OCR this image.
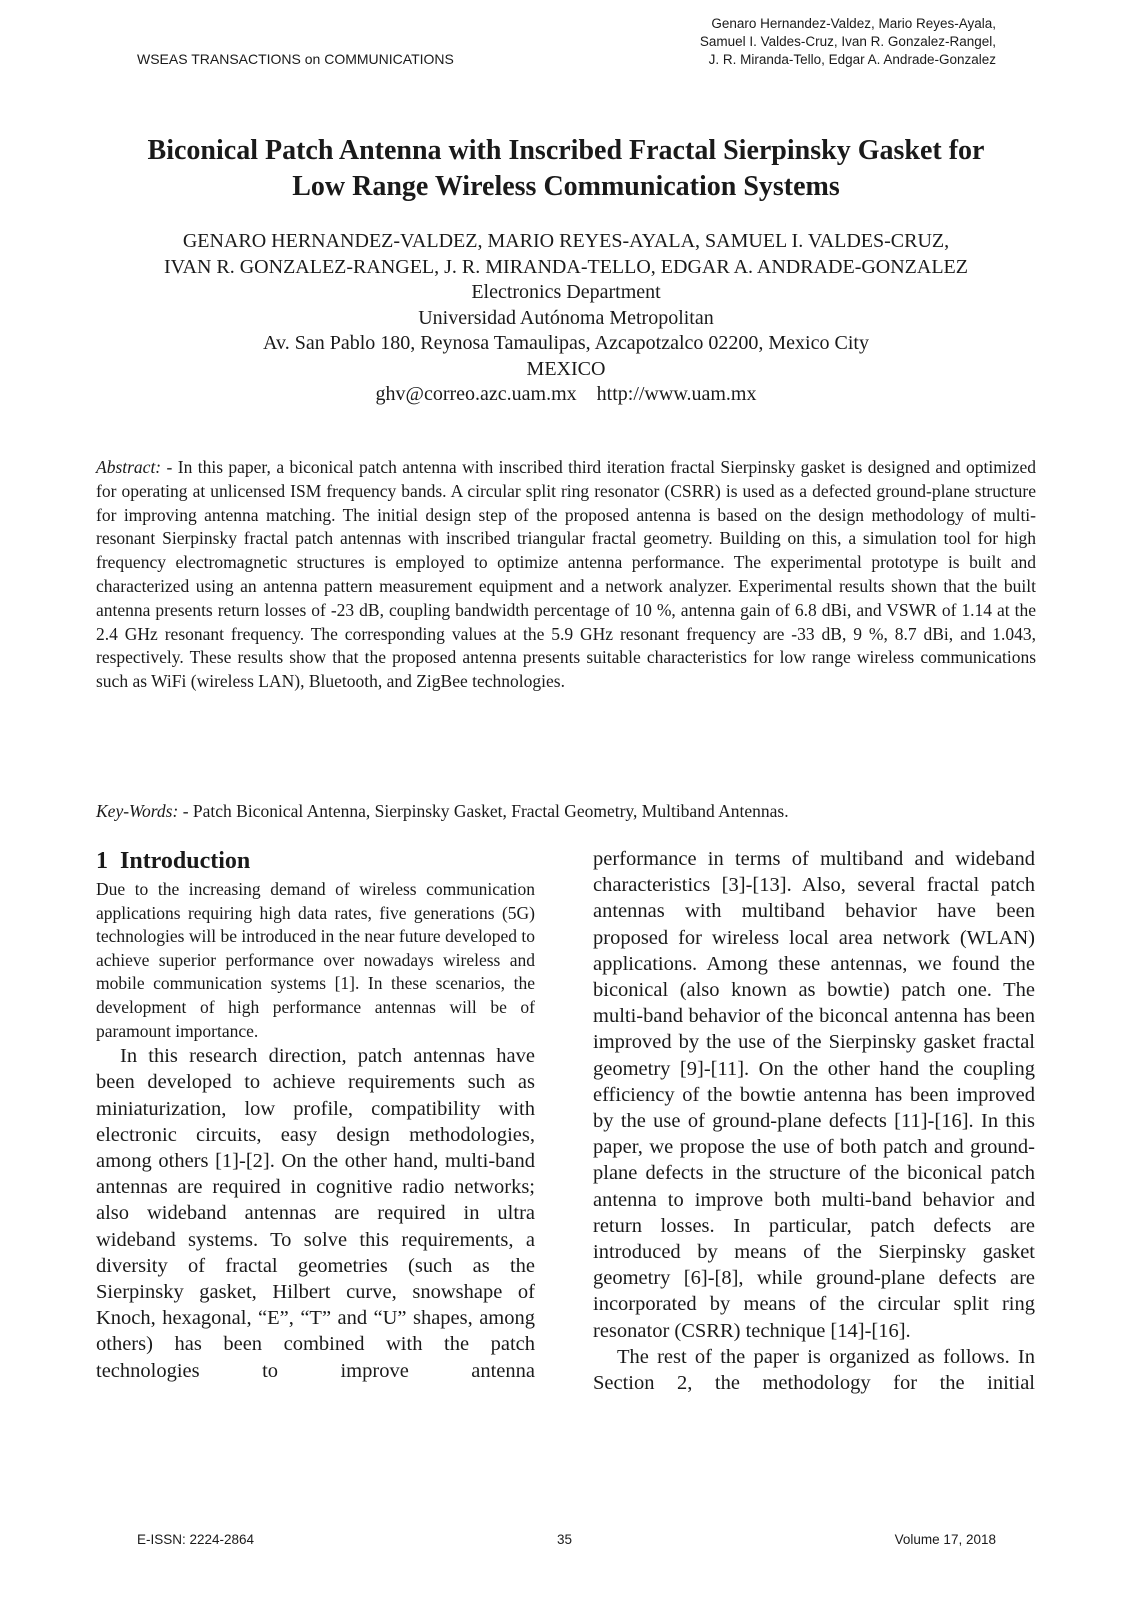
WSEAS TRANSACTIONS on COMMUNICATIONS
Genaro Hernandez-Valdez, Mario Reyes-Ayala,
Samuel I. Valdes-Cruz, Ivan R. Gonzalez-Rangel,
J. R. Miranda-Tello, Edgar A. Andrade-Gonzalez
Biconical Patch Antenna with Inscribed Fractal Sierpinsky Gasket for
Low Range Wireless Communication Systems
GENARO HERNANDEZ-VALDEZ, MARIO REYES-AYALA, SAMUEL I. VALDES-CRUZ,
IVAN R. GONZALEZ-RANGEL, J. R. MIRANDA-TELLO, EDGAR A. ANDRADE-GONZALEZ
Electronics Department
Universidad Autónoma Metropolitan
Av. San Pablo 180, Reynosa Tamaulipas, Azcapotzalco 02200, Mexico City
MEXICO
ghv@correo.azc.uam.mx    http://www.uam.mx
Abstract: - In this paper, a biconical patch antenna with inscribed third iteration fractal Sierpinsky gasket is designed and optimized for operating at unlicensed ISM frequency bands. A circular split ring resonator (CSRR) is used as a defected ground-plane structure for improving antenna matching. The initial design step of the proposed antenna is based on the design methodology of multi-resonant Sierpinsky fractal patch antennas with inscribed triangular fractal geometry. Building on this, a simulation tool for high frequency electromagnetic structures is employed to optimize antenna performance. The experimental prototype is built and characterized using an antenna pattern measurement equipment and a network analyzer. Experimental results shown that the built antenna presents return losses of -23 dB, coupling bandwidth percentage of 10 %, antenna gain of 6.8 dBi, and VSWR of 1.14 at the 2.4 GHz resonant frequency. The corresponding values at the 5.9 GHz resonant frequency are -33 dB, 9 %, 8.7 dBi, and 1.043, respectively. These results show that the proposed antenna presents suitable characteristics for low range wireless communications such as WiFi (wireless LAN), Bluetooth, and ZigBee technologies.
Key-Words: - Patch Biconical Antenna, Sierpinsky Gasket, Fractal Geometry, Multiband Antennas.
1  Introduction

Due to the increasing demand of wireless communication applications requiring high data rates, five generations (5G) technologies will be introduced in the near future developed to achieve superior performance over nowadays wireless and mobile communication systems [1]. In these scenarios, the development of high performance antennas will be of paramount importance.

In this research direction, patch antennas have been developed to achieve requirements such as miniaturization, low profile, compatibility with electronic circuits, easy design methodologies, among others [1]-[2]. On the other hand, multi-band antennas are required in cognitive radio networks; also wideband antennas are required in ultra wideband systems. To solve this requirements, a diversity of fractal geometries (such as the Sierpinsky gasket, Hilbert curve, snowshape of Knoch, hexagonal, “E”, “T” and “U” shapes, among others) has been combined with the patch technologies to improve antenna

performance in terms of multiband and wideband characteristics [3]-[13]. Also, several fractal patch antennas with multiband behavior have been proposed for wireless local area network (WLAN) applications. Among these antennas, we found the biconical (also known as bowtie) patch one. The multi-band behavior of the biconcal antenna has been improved by the use of the Sierpinsky gasket fractal geometry [9]-[11]. On the other hand the coupling efficiency of the bowtie antenna has been improved by the use of ground-plane defects [11]-[16]. In this paper, we propose the use of both patch and ground-plane defects in the structure of the biconical patch antenna to improve both multi-band behavior and return losses. In particular, patch defects are introduced by means of the Sierpinsky gasket geometry [6]-[8], while ground-plane defects are incorporated by means of the circular split ring resonator (CSRR) technique [14]-[16].

The rest of the paper is organized as follows. In Section 2, the methodology for the initial

E-ISSN: 2224-2864	35	Volume 17, 2018
